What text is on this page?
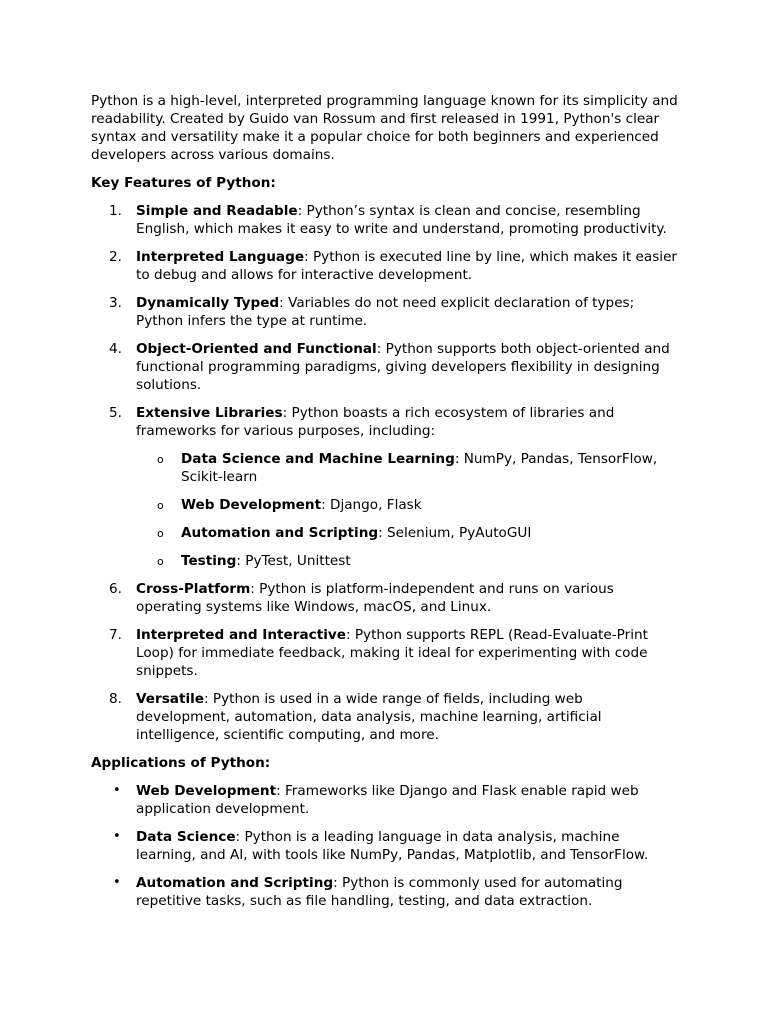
Python is a high-level, interpreted programming language known for its simplicity and readability. Created by Guido van Rossum and first released in 1991, Python's clear syntax and versatility make it a popular choice for both beginners and experienced developers across various domains.

Key Features of Python:

1.	Simple and Readable: Python’s syntax is clean and concise, resembling English, which makes it easy to write and understand, promoting productivity.
2.	Interpreted Language: Python is executed line by line, which makes it easier to debug and allows for interactive development.
3.	Dynamically Typed: Variables do not need explicit declaration of types; Python infers the type at runtime.
4.	Object-Oriented and Functional: Python supports both object-oriented and functional programming paradigms, giving developers flexibility in designing solutions.
5.	Extensive Libraries: Python boasts a rich ecosystem of libraries and frameworks for various purposes, including:
o Data Science and Machine Learning: NumPy, Pandas, TensorFlow, Scikit-learn
o Web Development: Django, Flask
o Automation and Scripting: Selenium, PyAutoGUI
o Testing: PyTest, Unittest
6.	Cross-Platform: Python is platform-independent and runs on various operating systems like Windows, macOS, and Linux.
7.	Interpreted and Interactive: Python supports REPL (Read-Evaluate-Print Loop) for immediate feedback, making it ideal for experimenting with code snippets.
8.	Versatile: Python is used in a wide range of fields, including web development, automation, data analysis, machine learning, artificial intelligence, scientific computing, and more.

Applications of Python:

• Web Development: Frameworks like Django and Flask enable rapid web application development.
• Data Science: Python is a leading language in data analysis, machine learning, and AI, with tools like NumPy, Pandas, Matplotlib, and TensorFlow.
• Automation and Scripting: Python is commonly used for automating repetitive tasks, such as file handling, testing, and data extraction.
